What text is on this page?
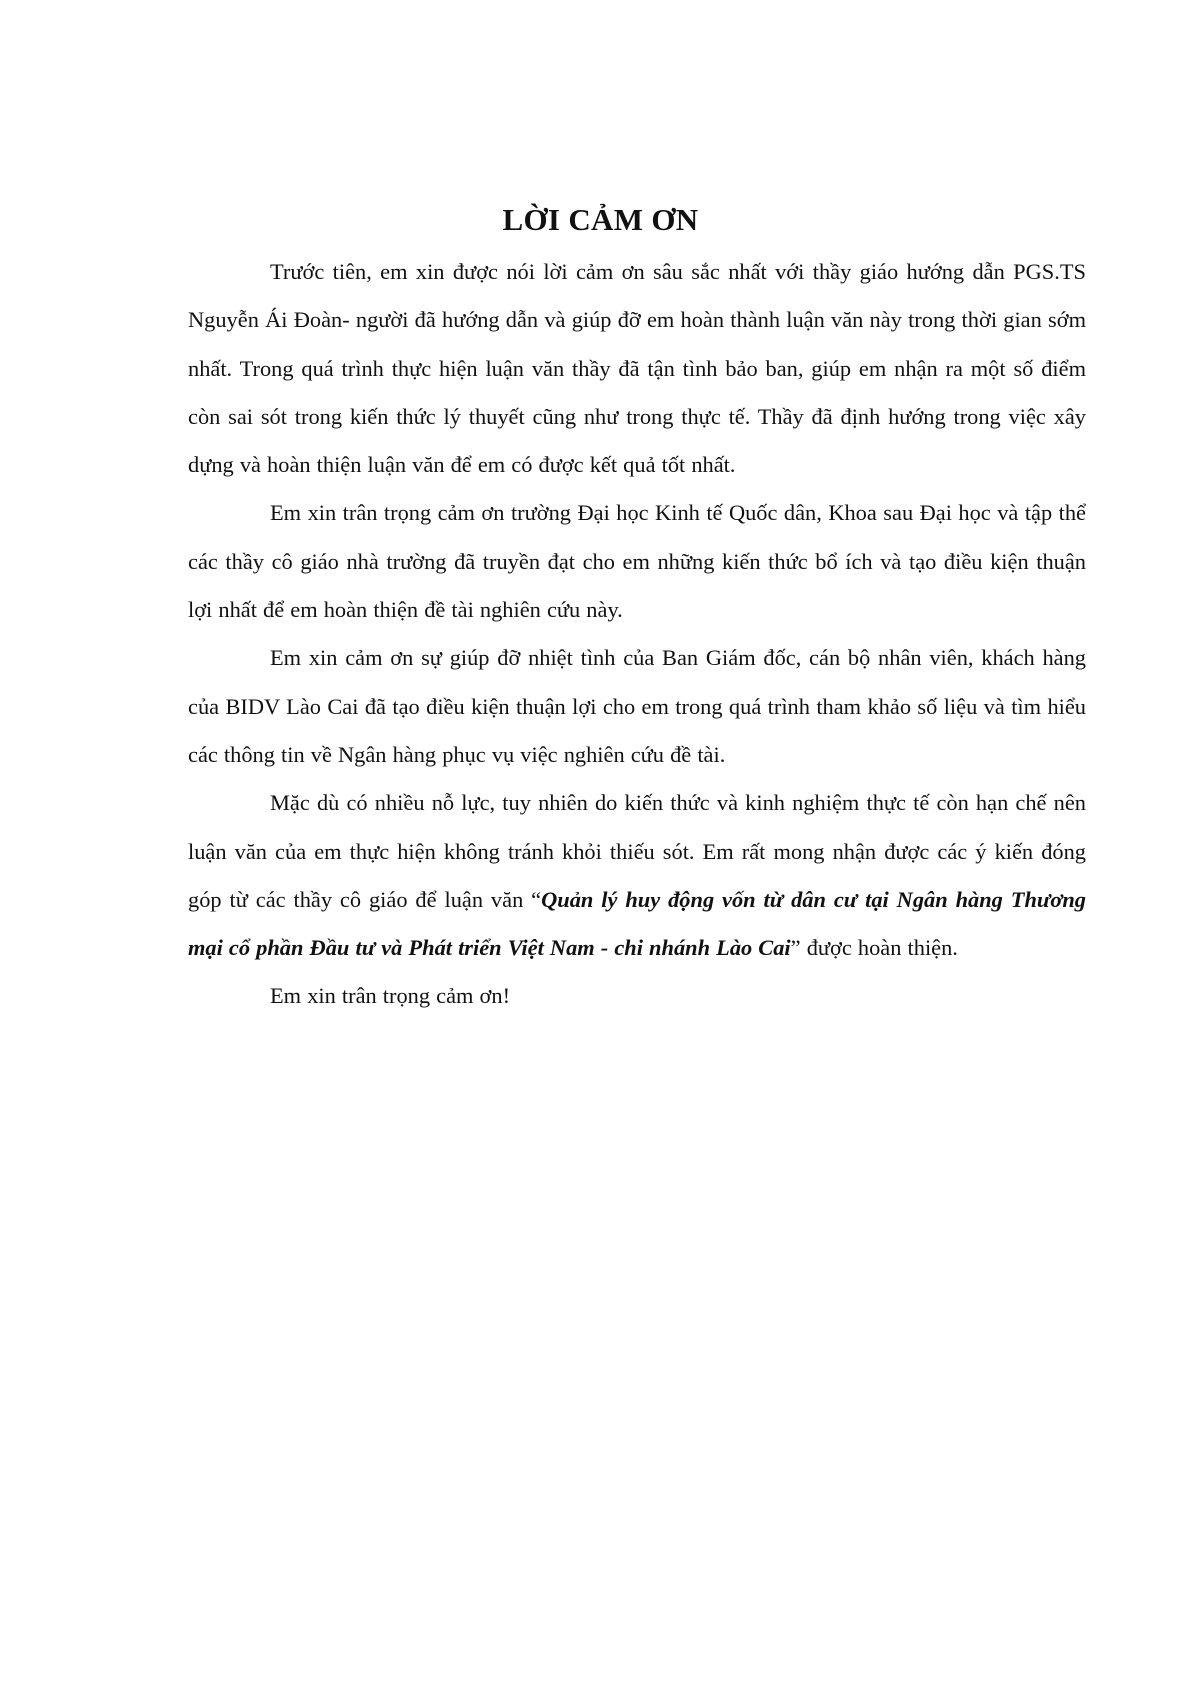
LỜI CẢM ƠN

Trước tiên, em xin được nói lời cảm ơn sâu sắc nhất với thầy giáo hướng dẫn PGS.TS Nguyễn Ái Đoàn- người đã hướng dẫn và giúp đỡ em hoàn thành luận văn này trong thời gian sớm nhất. Trong quá trình thực hiện luận văn thầy đã tận tình bảo ban, giúp em nhận ra một số điểm còn sai sót trong kiến thức lý thuyết cũng như trong thực tế. Thầy đã định hướng trong việc xây dựng và hoàn thiện luận văn để em có được kết quả tốt nhất.

Em xin trân trọng cảm ơn trường Đại học Kinh tế Quốc dân, Khoa sau Đại học và tập thể các thầy cô giáo nhà trường đã truyền đạt cho em những kiến thức bổ ích và tạo điều kiện thuận lợi nhất để em hoàn thiện đề tài nghiên cứu này.

Em xin cảm ơn sự giúp đỡ nhiệt tình của Ban Giám đốc, cán bộ nhân viên, khách hàng của BIDV Lào Cai đã tạo điều kiện thuận lợi cho em trong quá trình tham khảo số liệu và tìm hiểu các thông tin về Ngân hàng phục vụ việc nghiên cứu đề tài.

Mặc dù có nhiều nỗ lực, tuy nhiên do kiến thức và kinh nghiệm thực tế còn hạn chế nên luận văn của em thực hiện không tránh khỏi thiếu sót. Em rất mong nhận được các ý kiến đóng góp từ các thầy cô giáo để luận văn “Quản lý huy động vốn từ dân cư tại Ngân hàng Thương mại cổ phần Đầu tư và Phát triển Việt Nam - chi nhánh Lào Cai” được hoàn thiện.

Em xin trân trọng cảm ơn!
